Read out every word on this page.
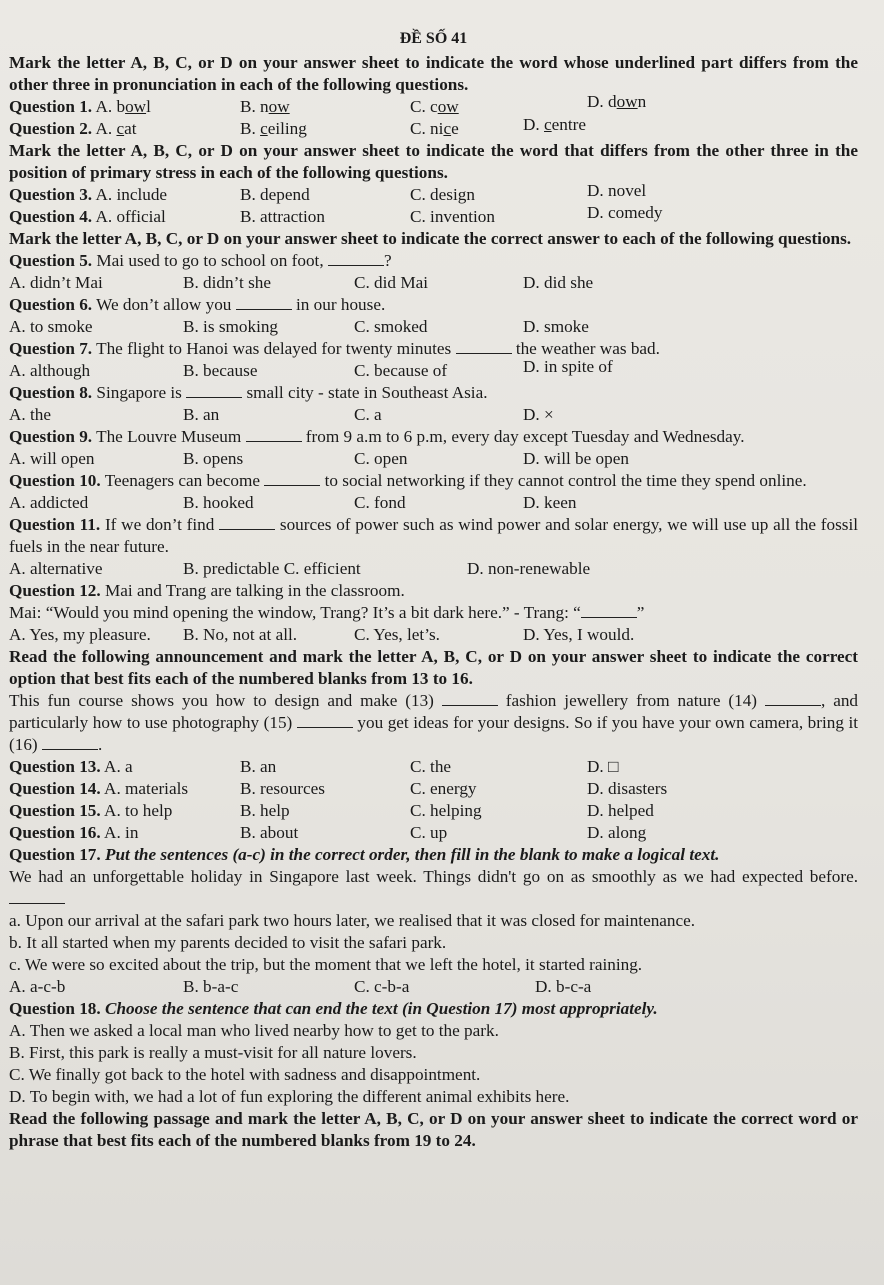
ĐỀ SỐ 41
Mark the letter A, B, C, or D on your answer sheet to indicate the word whose underlined part differs from the other three in pronunciation in each of the following questions.
Question 1. A. bowl	B. now	C. cow	D. down
Question 2. A. cat	B. ceiling	C. nice	D. centre
Mark the letter A, B, C, or D on your answer sheet to indicate the word that differs from the other three in the position of primary stress in each of the following questions.
Question 3. A. include	B. depend	C. design	D. novel
Question 4. A. official	B. attraction	C. invention	D. comedy
Mark the letter A, B, C, or D on your answer sheet to indicate the correct answer to each of the following questions.
Question 5. Mai used to go to school on foot,	?
A. didn’t Mai	B. didn’t she	C. did Mai	D. did she
Question 6. We don’t allow you	in our house.
A. to smoke	B. is smoking	C. smoked	D. smoke
Question 7. The flight to Hanoi was delayed for twenty minutes	the weather was bad.
A. although	B. because	C. because of	D. in spite of
Question 8. Singapore is	small city - state in Southeast Asia.
A. the	B. an	C. a	D. ×
Question 9. The Louvre Museum	from 9 a.m to 6 p.m, every day except Tuesday and Wednesday.
A. will open	B. opens	C. open	D. will be open
Question 10. Teenagers can become	to social networking if they cannot control the time they spend online.
A. addicted	B. hooked	C. fond	D. keen
Question 11. If we don’t find	sources of power such as wind power and solar energy, we will use up all the fossil fuels in the near future.
A. alternative	B. predictable C. efficient	D. non-renewable
Question 12. Mai and Trang are talking in the classroom.
Mai: “Would you mind opening the window, Trang? It’s a bit dark here.” - Trang: “	”
A. Yes, my pleasure. B. No, not at all.	C. Yes, let’s.	D. Yes, I would.
Read the following announcement and mark the letter A, B, C, or D on your answer sheet to indicate the correct option that best fits each of the numbered blanks from 13 to 16.
This fun course shows you how to design and make (13)	fashion jewellery from nature (14)	, and particularly how to use photography (15)	you get ideas for your designs. So if you have your own camera, bring it (16)	.
Question 13. A. a	B. an	C. the	D. □
Question 14. A. materials	B. resources	C. energy	D. disasters
Question 15. A. to help	B. help	C. helping	D. helped
Question 16. A. in	B. about	C. up	D. along
Question 17. Put the sentences (a-c) in the correct order, then fill in the blank to make a logical text.
We had an unforgettable holiday in Singapore last week. Things didn't go on as smoothly as we had expected before.
a. Upon our arrival at the safari park two hours later, we realised that it was closed for maintenance.
b. It all started when my parents decided to visit the safari park.
c. We were so excited about the trip, but the moment that we left the hotel, it started raining.
A. a-c-b	B. b-a-c	C. c-b-a	D. b-c-a
Question 18. Choose the sentence that can end the text (in Question 17) most appropriately.
A. Then we asked a local man who lived nearby how to get to the park.
B. First, this park is really a must-visit for all nature lovers.
C. We finally got back to the hotel with sadness and disappointment.
D. To begin with, we had a lot of fun exploring the different animal exhibits here.
Read the following passage and mark the letter A, B, C, or D on your answer sheet to indicate the correct word or phrase that best fits each of the numbered blanks from 19 to 24.
